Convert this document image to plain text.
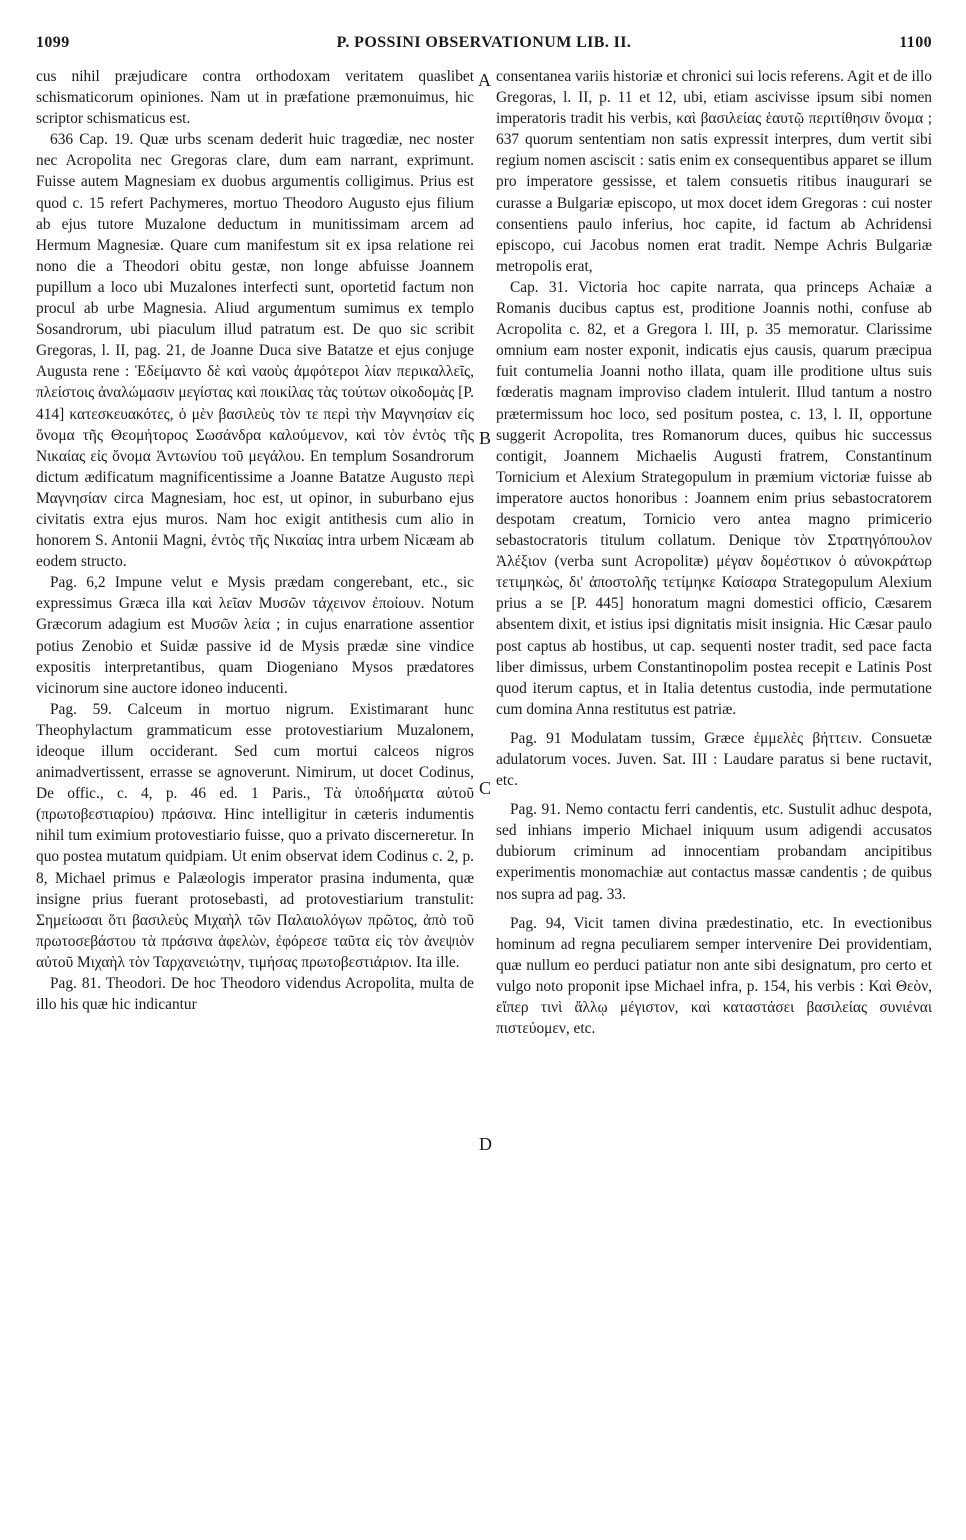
1099	P. POSSINI OBSERVATIONUM LIB. II.	1100

cus nihil præjudicare contra orthodoxam veritatem quaslibet schismaticorum opiniones. Nam ut in præfatione præmonuimus, hic scriptor schismaticus est.

636 Cap. 19. Quæ urbs scenam dederit huic tragœdiæ, nec noster nec Acropolita nec Gregoras clare, dum eam narrant, exprimunt. Fuisse autem Magnesiam ex duobus argumentis colligimus. Prius est quod c. 15 refert Pachymeres, mortuo Theodoro Augusto ejus filium ab ejus tutore Muzalone deductum in munitissimam arcem ad Hermum Magnesiæ. Quare cum manifestum sit ex ipsa relatione rei nono die a Theodori obitu gestæ, non longe abfuisse Joannem pupillum a loco ubi Muzalones interfecti sunt, oportetid factum non procul ab urbe Magnesia. Aliud argumentum sumimus ex templo Sosandrorum, ubi piaculum illud patratum est. De quo sic scribit Gregoras, l. II, pag. 21, de Joanne Duca sive Batatze et ejus conjuge Augusta rene : Ἐδείμαντο δὲ καὶ ναοὺς ἀμφότεροι λίαν περικαλλεῖς, πλείστοις ἀναλώμασιν μεγίστας καὶ ποικίλας τὰς τούτων οἰκοδομὰς [P. 414] κατεσκευακότες, ὁ μὲν βασιλεὺς τὸν τε περὶ τὴν Μαγνησίαν εἰς ὄνομα τῆς Θεομήτορος Σωσάνδρα καλούμενον, καὶ τὸν ἐντὸς τῆς Νικαίας εἰς ὄνομα Ἀντωνίου τοῦ μεγάλου. En templum Sosandrorum dictum ædificatum magnificentissime a Joanne Batatze Augusto περὶ Μαγνησίαν circa Magnesiam, hoc est, ut opinor, in suburbano ejus civitatis extra ejus muros. Nam hoc exigit antithesis cum alio in honorem S. Antonii Magni, ἐντὸς τῆς Νικαίας intra urbem Nicæam ab eodem structo.

Pag. 6,2 Impune velut e Mysis prædam congerebant, etc., sic expressimus Græca illa καὶ λεῖαν Μυσῶν τάχεινον ἐποίουν. Notum Græcorum adagium est Μυσῶν λεία ; in cujus enarratione assentior potius Zenobio et Suidæ passive id de Mysis prædæ sine vindice expositis interpretantibus, quam Diogeniano Mysos prædatores vicinorum sine auctore idoneo inducenti.

Pag. 59. Calceum in mortuo nigrum. Existimarant hunc Theophylactum grammaticum esse protovestiarium Muzalonem, ideoque illum occiderant. Sed cum mortui calceos nigros animadvertissent, errasse se agnoverunt. Nimirum, ut docet Codinus, De offic., c. 4, p. 46 ed. 1 Paris., Τὰ ὑποδήματα αὐτοῦ (πρωτοβεστιαρίου) πράσινα. Hinc intelligitur in cæteris indumentis nihil tum eximium protovestiario fuisse, quo a privato discerneretur. In quo postea mutatum quidpiam. Ut enim observat idem Codinus c. 2, p. 8, Michael primus e Palæologis imperator prasina indumenta, quæ insigne prius fuerant protosebasti, ad protovestiarium transtulit: Σημείωσαι ὅτι βασιλεὺς Μιχαὴλ τῶν Παλαιολόγων πρῶτος, ἀπὸ τοῦ πρωτοσεβάστου τὰ πράσινα ἀφελὼν, ἐφόρεσε ταῦτα εἰς τὸν ἀνεψιὸν αὐτοῦ Μιχαὴλ τὸν Ταρχανειώτην, τιμήσας πρωτοβεστιάριον. Ita ille.

Pag. 81. Theodori. De hoc Theodoro videndus Acropolita, multa de illo his quæ hic indicantur

A
B
C
D

consentanea variis historiæ et chronici sui locis referens. Agit et de illo Gregoras, l. II, p. 11 et 12, ubi, etiam ascivisse ipsum sibi nomen imperatoris tradit his verbis, καὶ βασιλείας ἑαυτῷ περιτίθησιν ὄνομα ; 637 quorum sententiam non satis expressit interpres, dum vertit sibi regium nomen asciscit : satis enim ex consequentibus apparet se illum pro imperatore gessisse, et talem consuetis ritibus inaugurari se curasse a Bulgariæ episcopo, ut mox docet idem Gregoras : cui noster consentiens paulo inferius, hoc capite, id factum ab Achridensi episcopo, cui Jacobus nomen erat tradit. Nempe Achris Bulgariæ metropolis erat,

Cap. 31. Victoria hoc capite narrata, qua princeps Achaiæ a Romanis ducibus captus est, proditione Joannis nothi, confuse ab Acropolita c. 82, et a Gregora l. III, p. 35 memoratur. Clarissime omnium eam noster exponit, indicatis ejus causis, quarum præcipua fuit contumelia Joanni notho illata, quam ille proditione ultus suis fœderatis magnam improviso cladem intulerit. Illud tantum a nostro prætermissum hoc loco, sed positum postea, c. 13, l. II, opportune suggerit Acropolita, tres Romanorum duces, quibus hic successus contigit, Joannem Michaelis Augusti fratrem, Constantinum Tornicium et Alexium Strategopulum in præmium victoriæ fuisse ab imperatore auctos honoribus : Joannem enim prius sebastocratorem despotam creatum, Tornicio vero antea magno primicerio sebastocratoris titulum collatum. Denique τὸν Στρατηγόπουλον Ἀλέξιον (verba sunt Acropolitæ) μέγαν δομέστικον ὁ αὐνοκράτωρ τετιμηκὼς, δι' ἀποστολῆς τετίμηκε Καίσαρα Strategopulum Alexium prius a se [P. 445] honoratum magni domestici officio, Cæsarem absentem dixit, et istius ipsi dignitatis misit insignia. Hic Cæsar paulo post captus ab hostibus, ut cap. sequenti noster tradit, sed pace facta liber dimissus, urbem Constantinopolim postea recepit e Latinis Post quod iterum captus, et in Italia detentus custodia, inde permutatione cum domina Anna restitutus est patriæ.

Pag. 91 Modulatam tussim, Græce ἐμμελὲς βήττειν. Consuetæ adulatorum voces. Juven. Sat. III : Laudare paratus si bene ructavit, etc.

Pag. 91. Nemo contactu ferri candentis, etc. Sustulit adhuc despota, sed inhians imperio Michael iniquum usum adigendi accusatos dubiorum criminum ad innocentiam probandam ancipitibus experimentis monomachiæ aut contactus massæ candentis ; de quibus nos supra ad pag. 33.

Pag. 94, Vicit tamen divina prædestinatio, etc. In evectionibus hominum ad regna peculiarem semper intervenire Dei providentiam, quæ nullum eo perduci patiatur non ante sibi designatum, pro certo et vulgo noto proponit ipse Michael infra, p. 154, his verbis : Καὶ Θεὸν, εἴπερ τινὶ ἄλλῳ μέγιστον, καὶ καταστάσει βασιλείας συνιέναι πιστεύομεν, etc.
